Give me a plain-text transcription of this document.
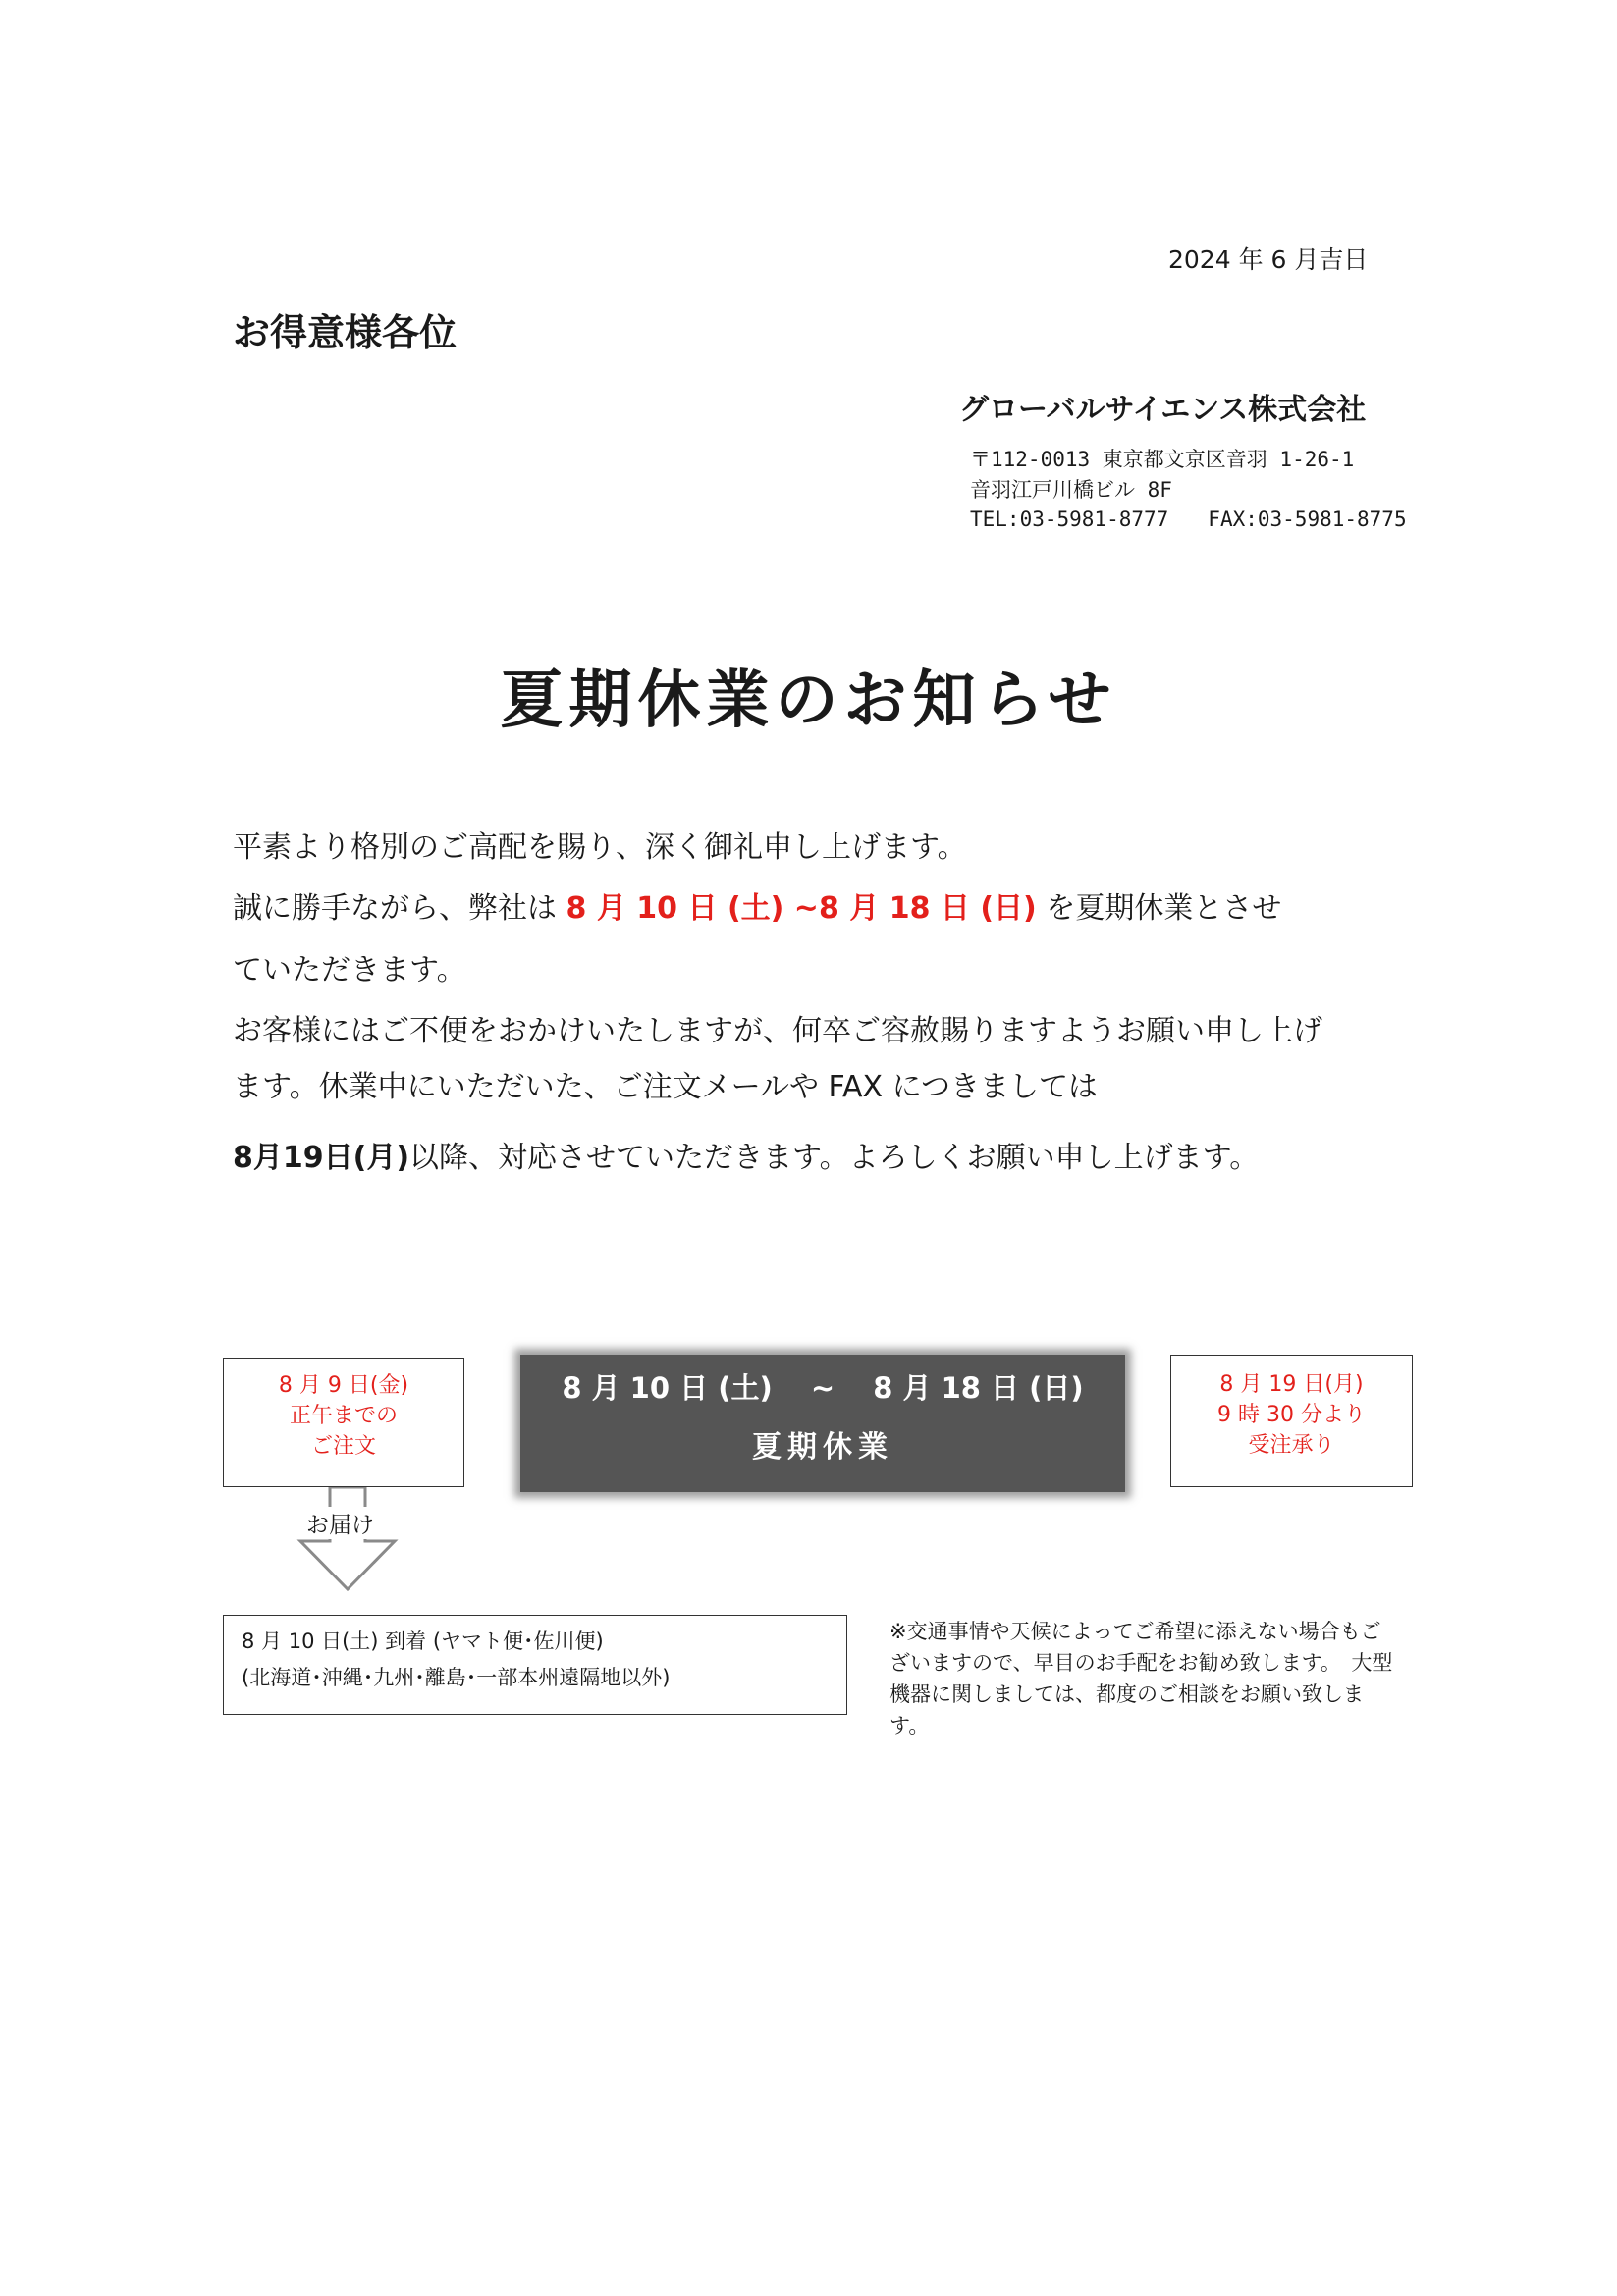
2024 年 6 月吉日
お得意様各位
グローバルサイエンス株式会社
〒112-0013 東京都文京区音羽 1-26-1
音羽江戸川橋ビル 8F
TEL:03-5981-8777 FAX:03-5981-8775
夏期休業のお知らせ
平素より格別のご高配を賜り、深く御礼申し上げます。
誠に勝手ながら、弊社は 8 月 10 日 (土) ~8 月 18 日 (日) を夏期休業とさせ
ていただきます。
お客様にはご不便をおかけいたしますが、何卒ご容赦賜りますようお願い申し上げ
ます。休業中にいただいた、ご注文メールや FAX につきましては
8月19日(月)以降、対応させていただきます。よろしくお願い申し上げます。
8 月 9 日(金)
正午までの
ご注文
8 月 10 日 (土)　 ~ 　8 月 18 日 (日)
夏期休業
8 月 19 日(月)
9 時 30 分より
受注承り
お届け
8 月 10 日(土) 到着 (ヤマト便･佐川便)
(北海道･沖縄･九州･離島･一部本州遠隔地以外)
※交通事情や天候によってご希望に添えない場合もございますので、早目のお手配をお勧め致します。　大型機器に関しましては、都度のご相談をお願い致します。
